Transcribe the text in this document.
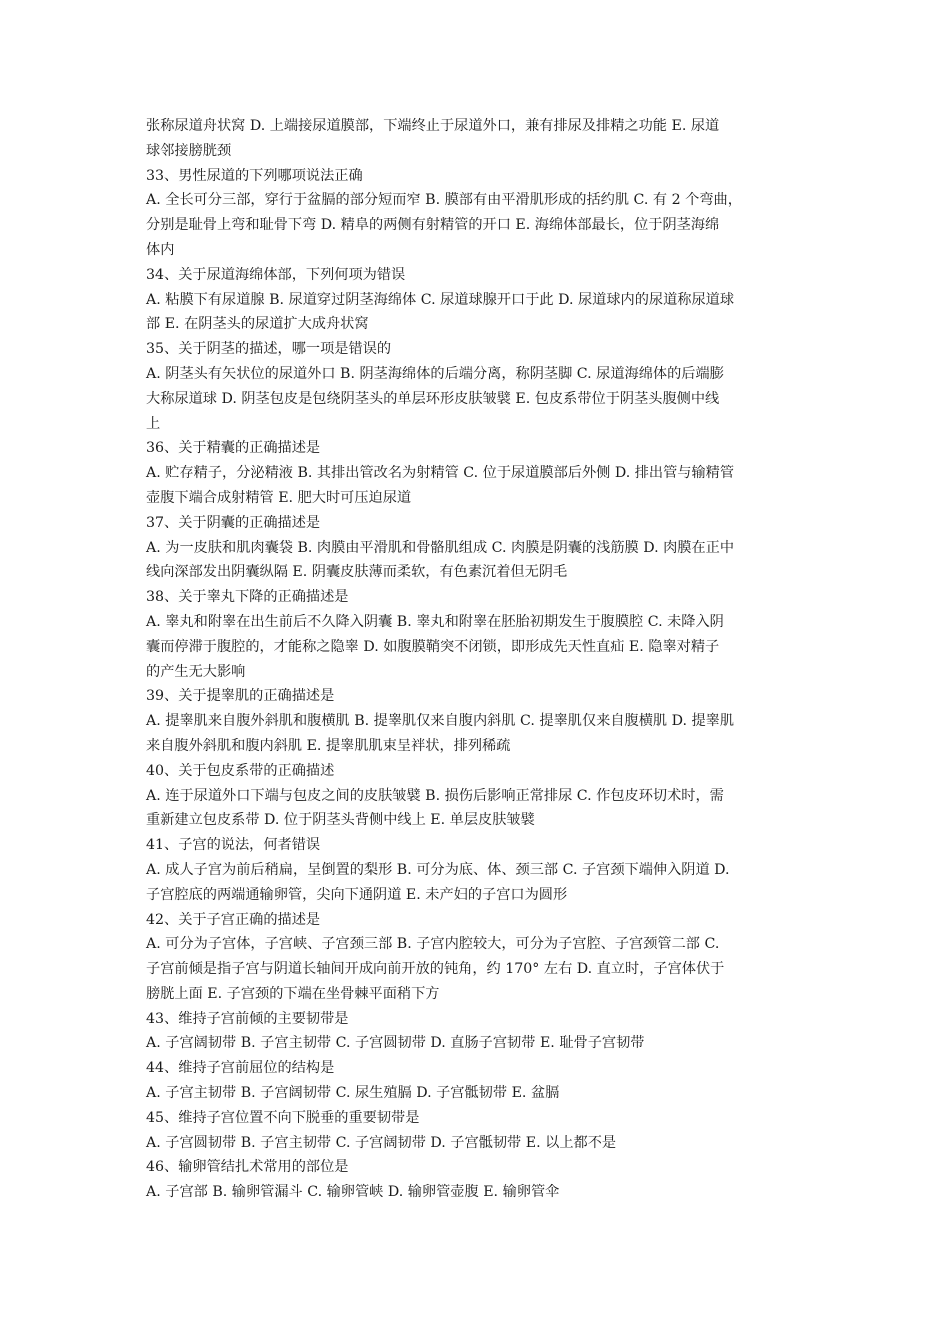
张称尿道舟状窝 D. 上端接尿道膜部，下端终止于尿道外口，兼有排尿及排精之功能 E. 尿道
球邻接膀胱颈
33、男性尿道的下列哪项说法正确
A. 全长可分三部，穿行于盆膈的部分短而窄 B. 膜部有由平滑肌形成的括约肌 C. 有 2 个弯曲，
分别是耻骨上弯和耻骨下弯 D. 精阜的两侧有射精管的开口 E. 海绵体部最长，位于阴茎海绵
体内
34、关于尿道海绵体部，下列何项为错误
A. 粘膜下有尿道腺 B. 尿道穿过阴茎海绵体 C. 尿道球腺开口于此 D. 尿道球内的尿道称尿道球
部 E. 在阴茎头的尿道扩大成舟状窝
35、关于阴茎的描述，哪一项是错误的
A. 阴茎头有矢状位的尿道外口 B. 阴茎海绵体的后端分离，称阴茎脚 C. 尿道海绵体的后端膨
大称尿道球 D. 阴茎包皮是包绕阴茎头的单层环形皮肤皱襞 E. 包皮系带位于阴茎头腹侧中线
上
36、关于精囊的正确描述是
A. 贮存精子，分泌精液 B. 其排出管改名为射精管 C. 位于尿道膜部后外侧 D. 排出管与输精管
壶腹下端合成射精管 E. 肥大时可压迫尿道
37、关于阴囊的正确描述是
A. 为一皮肤和肌肉囊袋 B. 肉膜由平滑肌和骨骼肌组成 C. 肉膜是阴囊的浅筋膜 D. 肉膜在正中
线向深部发出阴囊纵隔 E. 阴囊皮肤薄而柔软，有色素沉着但无阴毛
38、关于睾丸下降的正确描述是
A. 睾丸和附睾在出生前后不久降入阴囊 B. 睾丸和附睾在胚胎初期发生于腹膜腔 C. 未降入阴
囊而停滞于腹腔的，才能称之隐睾 D. 如腹膜鞘突不闭锁，即形成先天性直疝 E. 隐睾对精子
的产生无大影响
39、关于提睾肌的正确描述是
A. 提睾肌来自腹外斜肌和腹横肌 B. 提睾肌仅来自腹内斜肌 C. 提睾肌仅来自腹横肌 D. 提睾肌
来自腹外斜肌和腹内斜肌 E. 提睾肌肌束呈袢状，排列稀疏
40、关于包皮系带的正确描述
A. 连于尿道外口下端与包皮之间的皮肤皱襞 B. 损伤后影响正常排尿 C. 作包皮环切术时，需
重新建立包皮系带 D. 位于阴茎头背侧中线上 E. 单层皮肤皱襞
41、子宫的说法，何者错误
A. 成人子宫为前后稍扁，呈倒置的梨形 B. 可分为底、体、颈三部 C. 子宫颈下端伸入阴道 D.
子宫腔底的两端通输卵管，尖向下通阴道 E. 未产妇的子宫口为圆形
42、关于子宫正确的描述是
A. 可分为子宫体，子宫峡、子宫颈三部 B. 子宫内腔较大，可分为子宫腔、子宫颈管二部 C.
子宫前倾是指子宫与阴道长轴间开成向前开放的钝角，约 170° 左右 D. 直立时，子宫体伏于
膀胱上面 E. 子宫颈的下端在坐骨棘平面稍下方
43、维持子宫前倾的主要韧带是
A. 子宫阔韧带 B. 子宫主韧带 C. 子宫圆韧带 D. 直肠子宫韧带 E. 耻骨子宫韧带
44、维持子宫前屈位的结构是
A. 子宫主韧带 B. 子宫阔韧带 C. 尿生殖膈 D. 子宫骶韧带 E. 盆膈
45、维持子宫位置不向下脱垂的重要韧带是
A. 子宫圆韧带 B. 子宫主韧带 C. 子宫阔韧带 D. 子宫骶韧带 E. 以上都不是
46、输卵管结扎术常用的部位是
A. 子宫部 B. 输卵管漏斗 C. 输卵管峡 D. 输卵管壶腹 E. 输卵管伞
